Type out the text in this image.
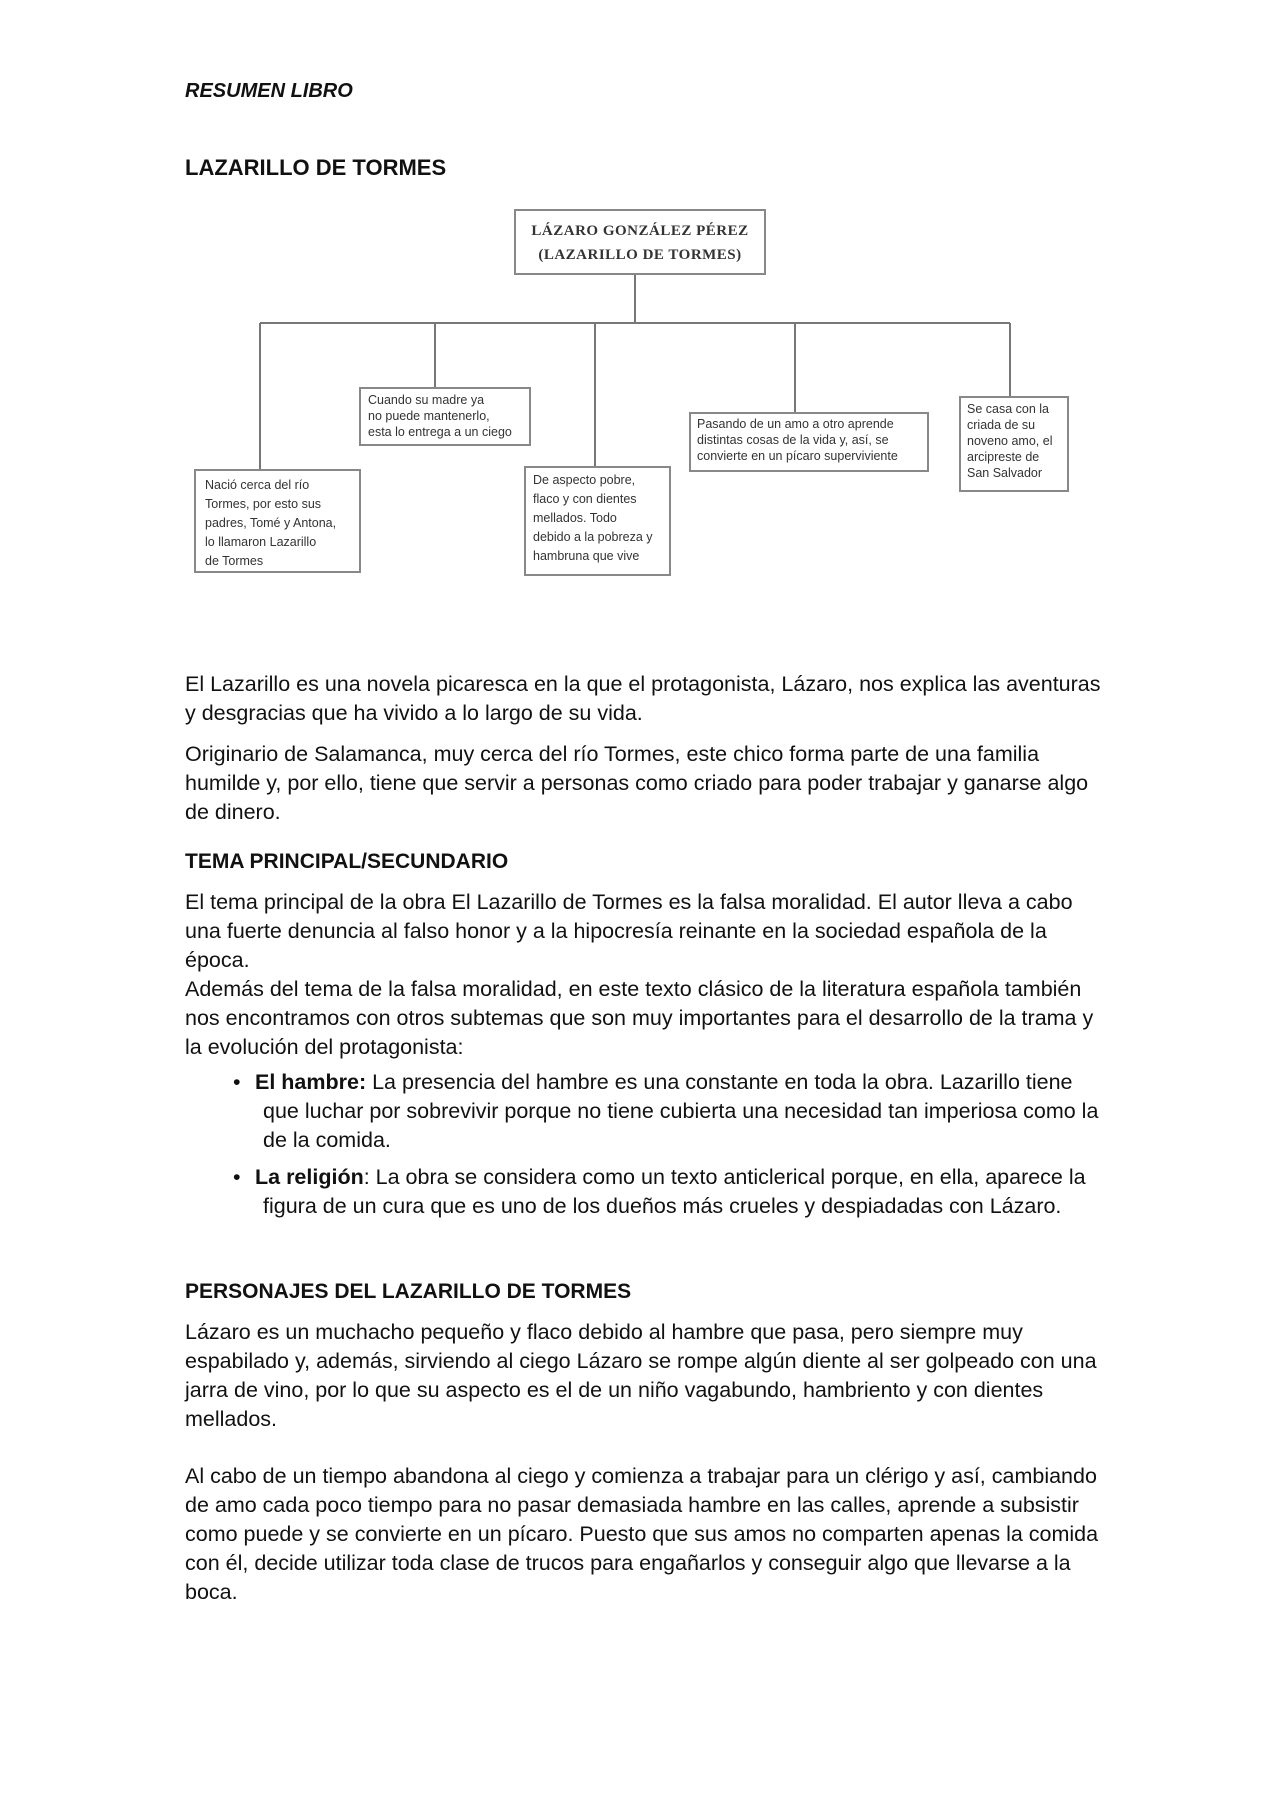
RESUMEN LIBRO
LAZARILLO DE TORMES
LÁZARO GONZÁLEZ PÉREZ
(LAZARILLO DE TORMES)
Nació cerca del río
Tormes, por esto sus
padres, Tomé y Antona,
lo llamaron Lazarillo
de Tormes
Cuando su madre ya
no puede mantenerlo,
esta lo entrega a un ciego
De aspecto pobre,
flaco y con dientes
mellados. Todo
debido a la pobreza y
hambruna que vive
Pasando de un amo a otro aprende
distintas cosas de la vida y, así, se
convierte en un pícaro superviviente
Se casa con la
criada de su
noveno amo, el
arcipreste de
San Salvador

El Lazarillo es una novela picaresca en la que el protagonista, Lázaro, nos explica las aventuras y desgracias que ha vivido a lo largo de su vida.

Originario de Salamanca, muy cerca del río Tormes, este chico forma parte de una familia humilde y, por ello, tiene que servir a personas como criado para poder trabajar y ganarse algo de dinero.

TEMA PRINCIPAL/SECUNDARIO

El tema principal de la obra El Lazarillo de Tormes es la falsa moralidad. El autor lleva a cabo una fuerte denuncia al falso honor y a la hipocresía reinante en la sociedad española de la época.

Además del tema de la falsa moralidad, en este texto clásico de la literatura española también nos encontramos con otros subtemas que son muy importantes para el desarrollo de la trama y la evolución del protagonista:

• El hambre: La presencia del hambre es una constante en toda la obra. Lazarillo tiene que luchar por sobrevivir porque no tiene cubierta una necesidad tan imperiosa como la de la comida.
• La religión: La obra se considera como un texto anticlerical porque, en ella, aparece la figura de un cura que es uno de los dueños más crueles y despiadadas con Lázaro.
PERSONAJES DEL LAZARILLO DE TORMES

Lázaro es un muchacho pequeño y flaco debido al hambre que pasa, pero siempre muy espabilado y, además, sirviendo al ciego Lázaro se rompe algún diente al ser golpeado con una jarra de vino, por lo que su aspecto es el de un niño vagabundo, hambriento y con dientes mellados.

Al cabo de un tiempo abandona al ciego y comienza a trabajar para un clérigo y así, cambiando de amo cada poco tiempo para no pasar demasiada hambre en las calles, aprende a subsistir como puede y se convierte en un pícaro. Puesto que sus amos no comparten apenas la comida con él, decide utilizar toda clase de trucos para engañarlos y conseguir algo que llevarse a la boca.
